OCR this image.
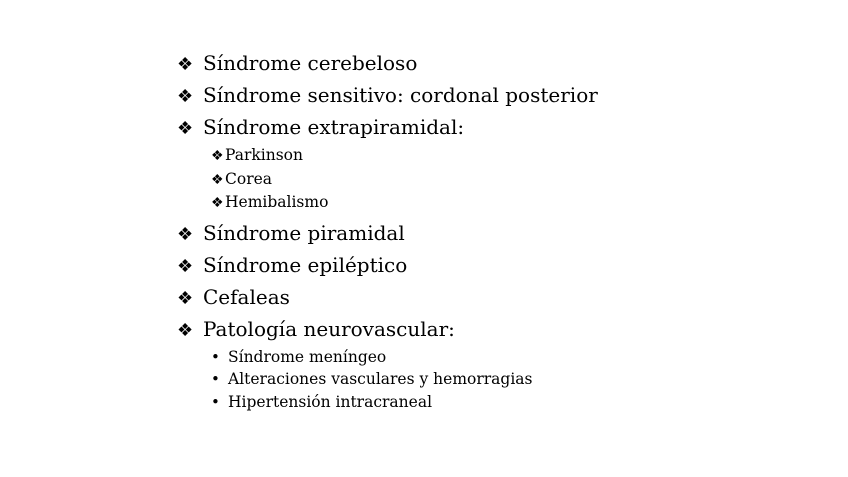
❖ Síndrome cerebeloso
❖ Síndrome sensitivo: cordonal posterior
❖ Síndrome extrapiramidal:
❖ Parkinson
❖ Corea
❖ Hemibalismo
❖ Síndrome piramidal
❖ Síndrome epiléptico
❖ Cefaleas
❖ Patología neurovascular:
• Síndrome meníngeo
• Alteraciones vasculares y hemorragias
• Hipertensión intracraneal
